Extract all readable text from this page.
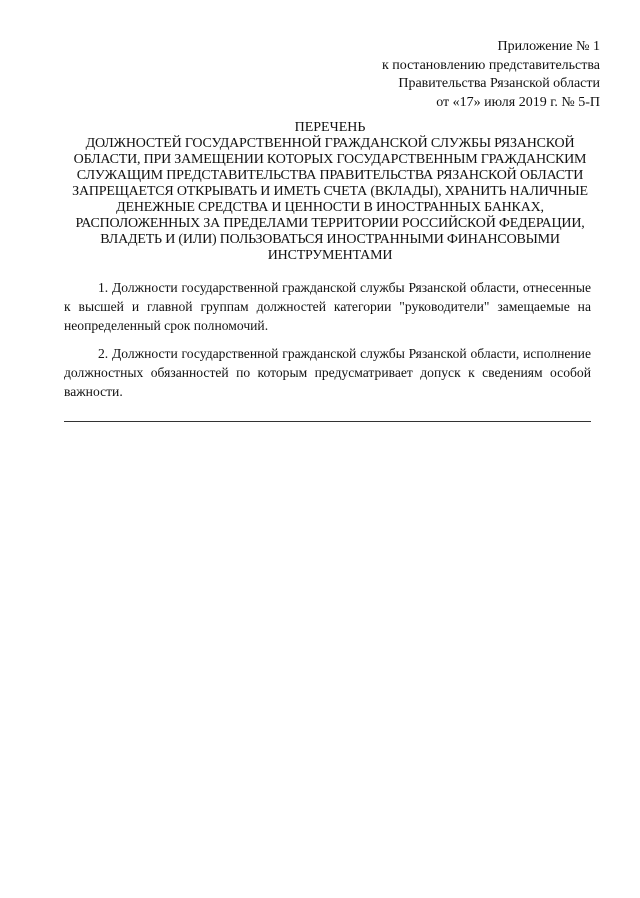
Приложение № 1
к постановлению представительства
Правительства Рязанской области
от «17» июля 2019 г. № 5-П
ПЕРЕЧЕНЬ
ДОЛЖНОСТЕЙ ГОСУДАРСТВЕННОЙ ГРАЖДАНСКОЙ СЛУЖБЫ РЯЗАНСКОЙ ОБЛАСТИ, ПРИ ЗАМЕЩЕНИИ КОТОРЫХ ГОСУДАРСТВЕННЫМ ГРАЖДАНСКИМ СЛУЖАЩИМ ПРЕДСТАВИТЕЛЬСТВА ПРАВИТЕЛЬСТВА РЯЗАНСКОЙ ОБЛАСТИ ЗАПРЕЩАЕТСЯ ОТКРЫВАТЬ И ИМЕТЬ СЧЕТА (ВКЛАДЫ), ХРАНИТЬ НАЛИЧНЫЕ ДЕНЕЖНЫЕ СРЕДСТВА И ЦЕННОСТИ В ИНОСТРАННЫХ БАНКАХ, РАСПОЛОЖЕННЫХ ЗА ПРЕДЕЛАМИ ТЕРРИТОРИИ РОССИЙСКОЙ ФЕДЕРАЦИИ, ВЛАДЕТЬ И (ИЛИ) ПОЛЬЗОВАТЬСЯ ИНОСТРАННЫМИ ФИНАНСОВЫМИ ИНСТРУМЕНТАМИ

1. Должности государственной гражданской службы Рязанской области, отнесенные к высшей и главной группам должностей категории "руководители" замещаемые на неопределенный срок полномочий.

2. Должности государственной гражданской службы Рязанской области, исполнение должностных обязанностей по которым предусматривает допуск к сведениям особой важности.
